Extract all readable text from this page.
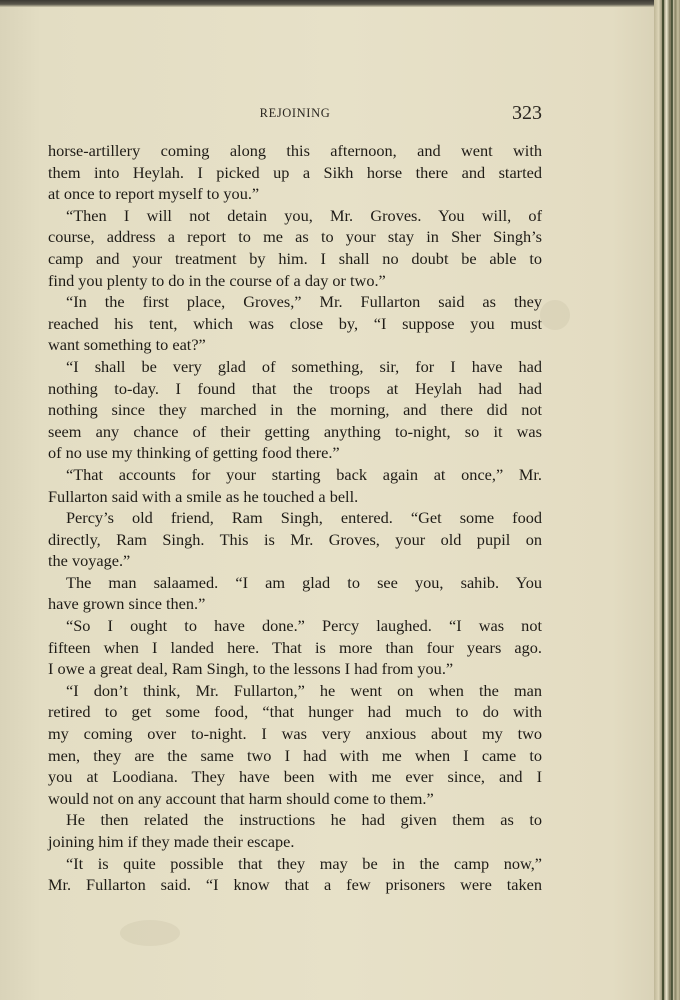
REJOINING	323
horse-artillery coming along this afternoon, and went with
them into Heylah. I picked up a Sikh horse there and started
at once to report myself to you.”
“Then I will not detain you, Mr. Groves. You will, of
course, address a report to me as to your stay in Sher Singh’s
camp and your treatment by him. I shall no doubt be able to
find you plenty to do in the course of a day or two.”
“In the first place, Groves,” Mr. Fullarton said as they
reached his tent, which was close by, “I suppose you must
want something to eat?”
“I shall be very glad of something, sir, for I have had
nothing to-day. I found that the troops at Heylah had had
nothing since they marched in the morning, and there did not
seem any chance of their getting anything to-night, so it was
of no use my thinking of getting food there.”
“That accounts for your starting back again at once,” Mr.
Fullarton said with a smile as he touched a bell.
Percy’s old friend, Ram Singh, entered. “Get some food
directly, Ram Singh. This is Mr. Groves, your old pupil on
the voyage.”
The man salaamed. “I am glad to see you, sahib. You
have grown since then.”
“So I ought to have done.” Percy laughed. “I was not
fifteen when I landed here. That is more than four years ago.
I owe a great deal, Ram Singh, to the lessons I had from you.”
“I don’t think, Mr. Fullarton,” he went on when the man
retired to get some food, “that hunger had much to do with
my coming over to-night. I was very anxious about my two
men, they are the same two I had with me when I came to
you at Loodiana. They have been with me ever since, and I
would not on any account that harm should come to them.”
He then related the instructions he had given them as to
joining him if they made their escape.
“It is quite possible that they may be in the camp now,”
Mr. Fullarton said. “I know that a few prisoners were taken
